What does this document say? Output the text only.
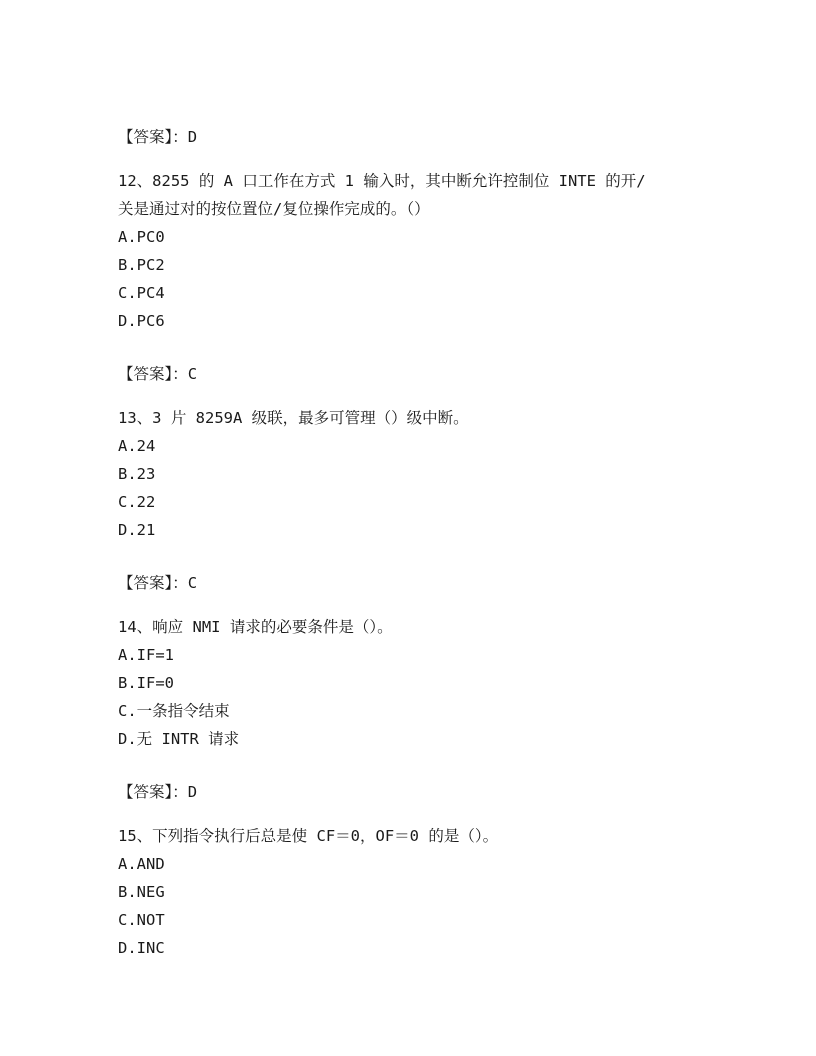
【答案】：D
12、8255 的 A 口工作在方式 1 输入时，其中断允许控制位 INTE 的开/
关是通过对的按位置位/复位操作完成的。（）
A.PC0
B.PC2
C.PC4
D.PC6
【答案】：C
13、3 片 8259A 级联，最多可管理（）级中断。
A.24
B.23
C.22
D.21
【答案】：C
14、响应 NMI 请求的必要条件是（）。
A.IF=1
B.IF=0
C.一条指令结束
D.无 INTR 请求
【答案】：D
15、下列指令执行后总是使 CF＝0，OF＝0 的是（）。
A.AND
B.NEG
C.NOT
D.INC
